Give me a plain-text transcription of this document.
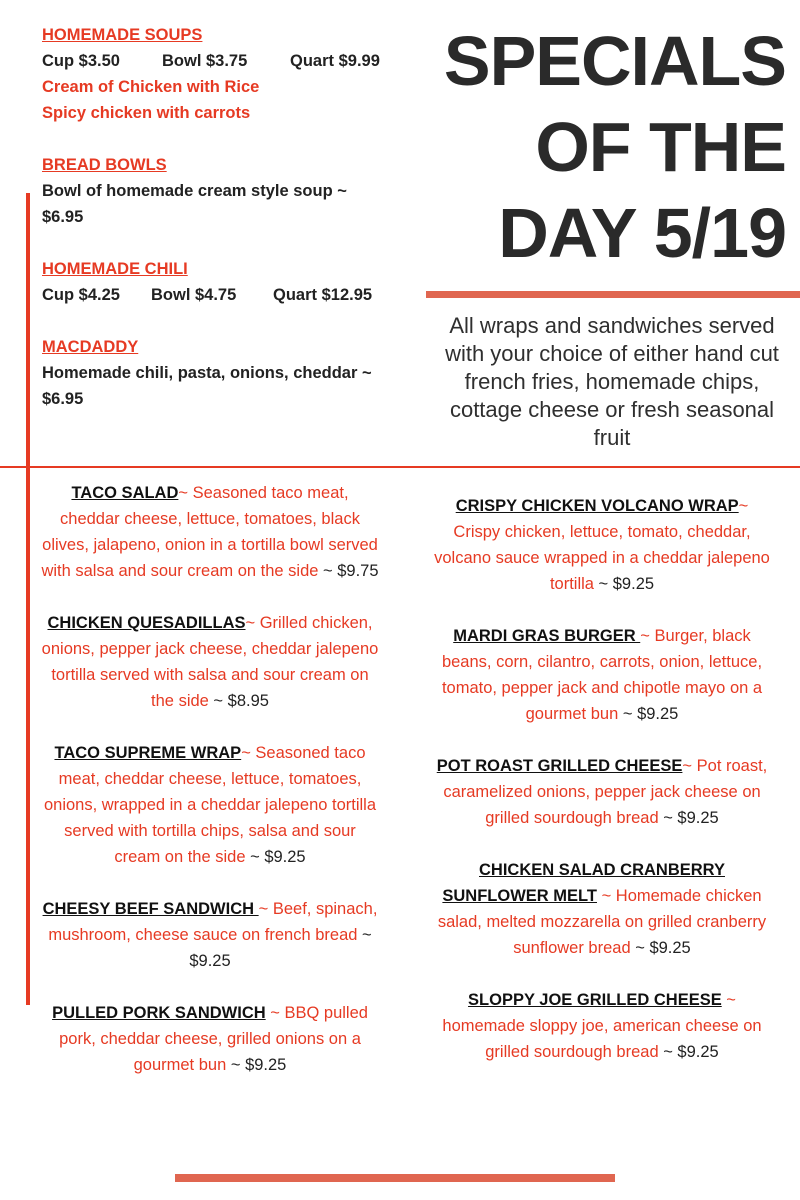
HOMEMADE SOUPS
Cup $3.50	Bowl $3.75	Quart $9.99
Cream of Chicken with Rice
Spicy chicken with carrots
BREAD BOWLS
Bowl of homemade cream style soup ~
$6.95
HOMEMADE CHILI
Cup $4.25 Bowl $4.75 Quart $12.95
MACDADDY
Homemade chili, pasta, onions, cheddar ~
$6.95
SPECIALS
OF THE
DAY 5/19
All wraps and sandwiches served with your choice of either hand cut french fries, homemade chips, cottage cheese or fresh seasonal fruit
TACO SALAD~ Seasoned taco meat, cheddar cheese, lettuce, tomatoes, black olives, jalapeno, onion in a tortilla bowl served with salsa and sour cream on the side ~ $9.75
CHICKEN QUESADILLAS~ Grilled chicken, onions, pepper jack cheese, cheddar jalepeno tortilla served with salsa and sour cream on the side ~ $8.95
TACO SUPREME WRAP~ Seasoned taco meat, cheddar cheese, lettuce, tomatoes, onions, wrapped in a cheddar jalepeno tortilla served with tortilla chips, salsa and sour cream on the side ~ $9.25
CHEESY BEEF SANDWICH ~ Beef, spinach, mushroom, cheese sauce on french bread ~ $9.25
PULLED PORK SANDWICH ~ BBQ pulled pork, cheddar cheese, grilled onions on a gourmet bun ~ $9.25
CRISPY CHICKEN VOLCANO WRAP~ Crispy chicken, lettuce, tomato, cheddar, volcano sauce wrapped in a cheddar jalepeno tortilla ~ $9.25
MARDI GRAS BURGER ~ Burger, black beans, corn, cilantro, carrots, onion, lettuce, tomato, pepper jack and chipotle mayo on a gourmet bun ~ $9.25
POT ROAST GRILLED CHEESE~ Pot roast, caramelized onions, pepper jack cheese on grilled sourdough bread ~ $9.25
CHICKEN SALAD CRANBERRY SUNFLOWER MELT ~ Homemade chicken salad, melted mozzarella on grilled cranberry sunflower bread ~ $9.25
SLOPPY JOE GRILLED CHEESE ~ homemade sloppy joe, american cheese on grilled sourdough bread ~ $9.25
